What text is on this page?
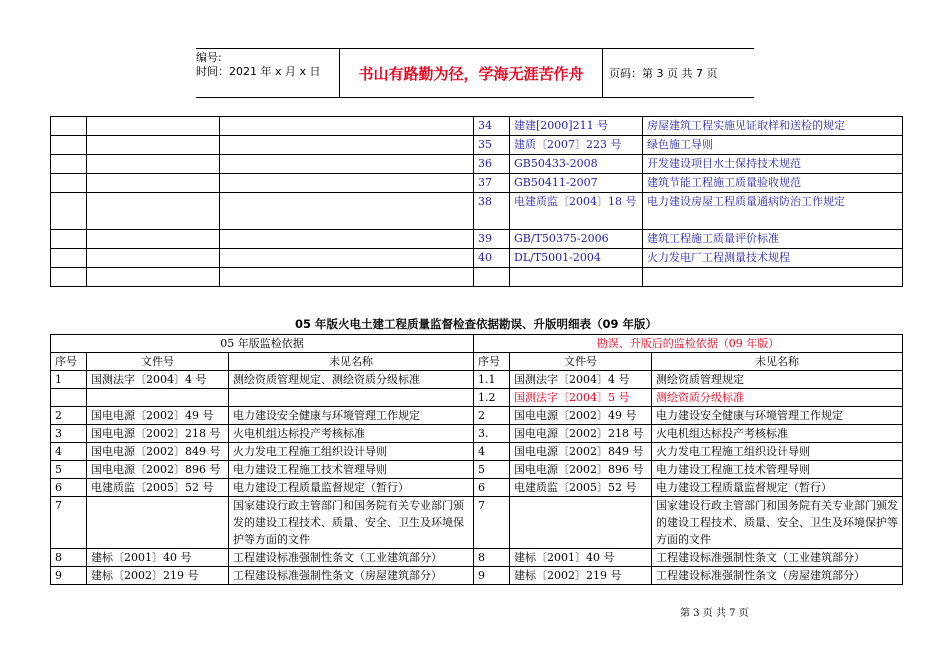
编号:
时间：2021 年 x 月 x 日	书山有路勤为径，学海无涯苦作舟	页码：第 3 页 共 7 页
			34	建建[2000]211 号	房屋建筑工程实施见证取样和送检的规定
			35	建质〔2007〕223 号	绿色施工导则
			36	GB50433-2008	开发建设项目水土保持技术规范
			37	GB50411-2007	建筑节能工程施工质量验收规范
			38	电建质监〔2004〕18 号	电力建设房屋工程质量通病防治工作规定
			39	GB/T50375-2006	建筑工程施工质量评价标准
			40	DL/T5001-2004	火力发电厂工程测量技术规程

05 年版火电土建工程质量监督检查依据勘误、升版明细表（09 年版）
05 年版监检依据			勘误、升版后的监检依据（09 年版）		
序号	文件号	未见名称	序号	文件号	未见名称
1	国测法字〔2004〕4 号	测绘资质管理规定、测绘资质分级标准	1.1	国测法字〔2004〕4 号	测绘资质管理规定
			1.2	国测法字〔2004〕5 号	测绘资质分级标准
2	国电电源〔2002〕49 号	电力建设安全健康与环境管理工作规定	2	国电电源〔2002〕49 号	电力建设安全健康与环境管理工作规定
3	国电电源〔2002〕218 号	火电机组达标投产考核标准	3.	国电电源〔2002〕218 号	火电机组达标投产考核标准
4	国电电源〔2002〕849 号	火力发电工程施工组织设计导则	4	国电电源〔2002〕849 号	火力发电工程施工组织设计导则
5	国电电源〔2002〕896 号	电力建设工程施工技术管理导则	5	国电电源〔2002〕896 号	电力建设工程施工技术管理导则
6	电建质监〔2005〕52 号	电力建设工程质量监督规定（暂行）	6	电建质监〔2005〕52 号	电力建设工程质量监督规定（暂行）
7		国家建设行政主管部门和国务院有关专业部门颁发的建设工程技术、质量、安全、卫生及环境保护等方面的文件	7		国家建设行政主管部门和国务院有关专业部门颁发的建设工程技术、质量、安全、卫生及环境保护等方面的文件
8	建标〔2001〕40 号	工程建设标准强制性条文（工业建筑部分）	8	建标〔2001〕40 号	工程建设标准强制性条文（工业建筑部分）
9	建标〔2002〕219 号	工程建设标准强制性条文（房屋建筑部分）	9	建标〔2002〕219 号	工程建设标准强制性条文（房屋建筑部分）
第 3 页 共 7 页
